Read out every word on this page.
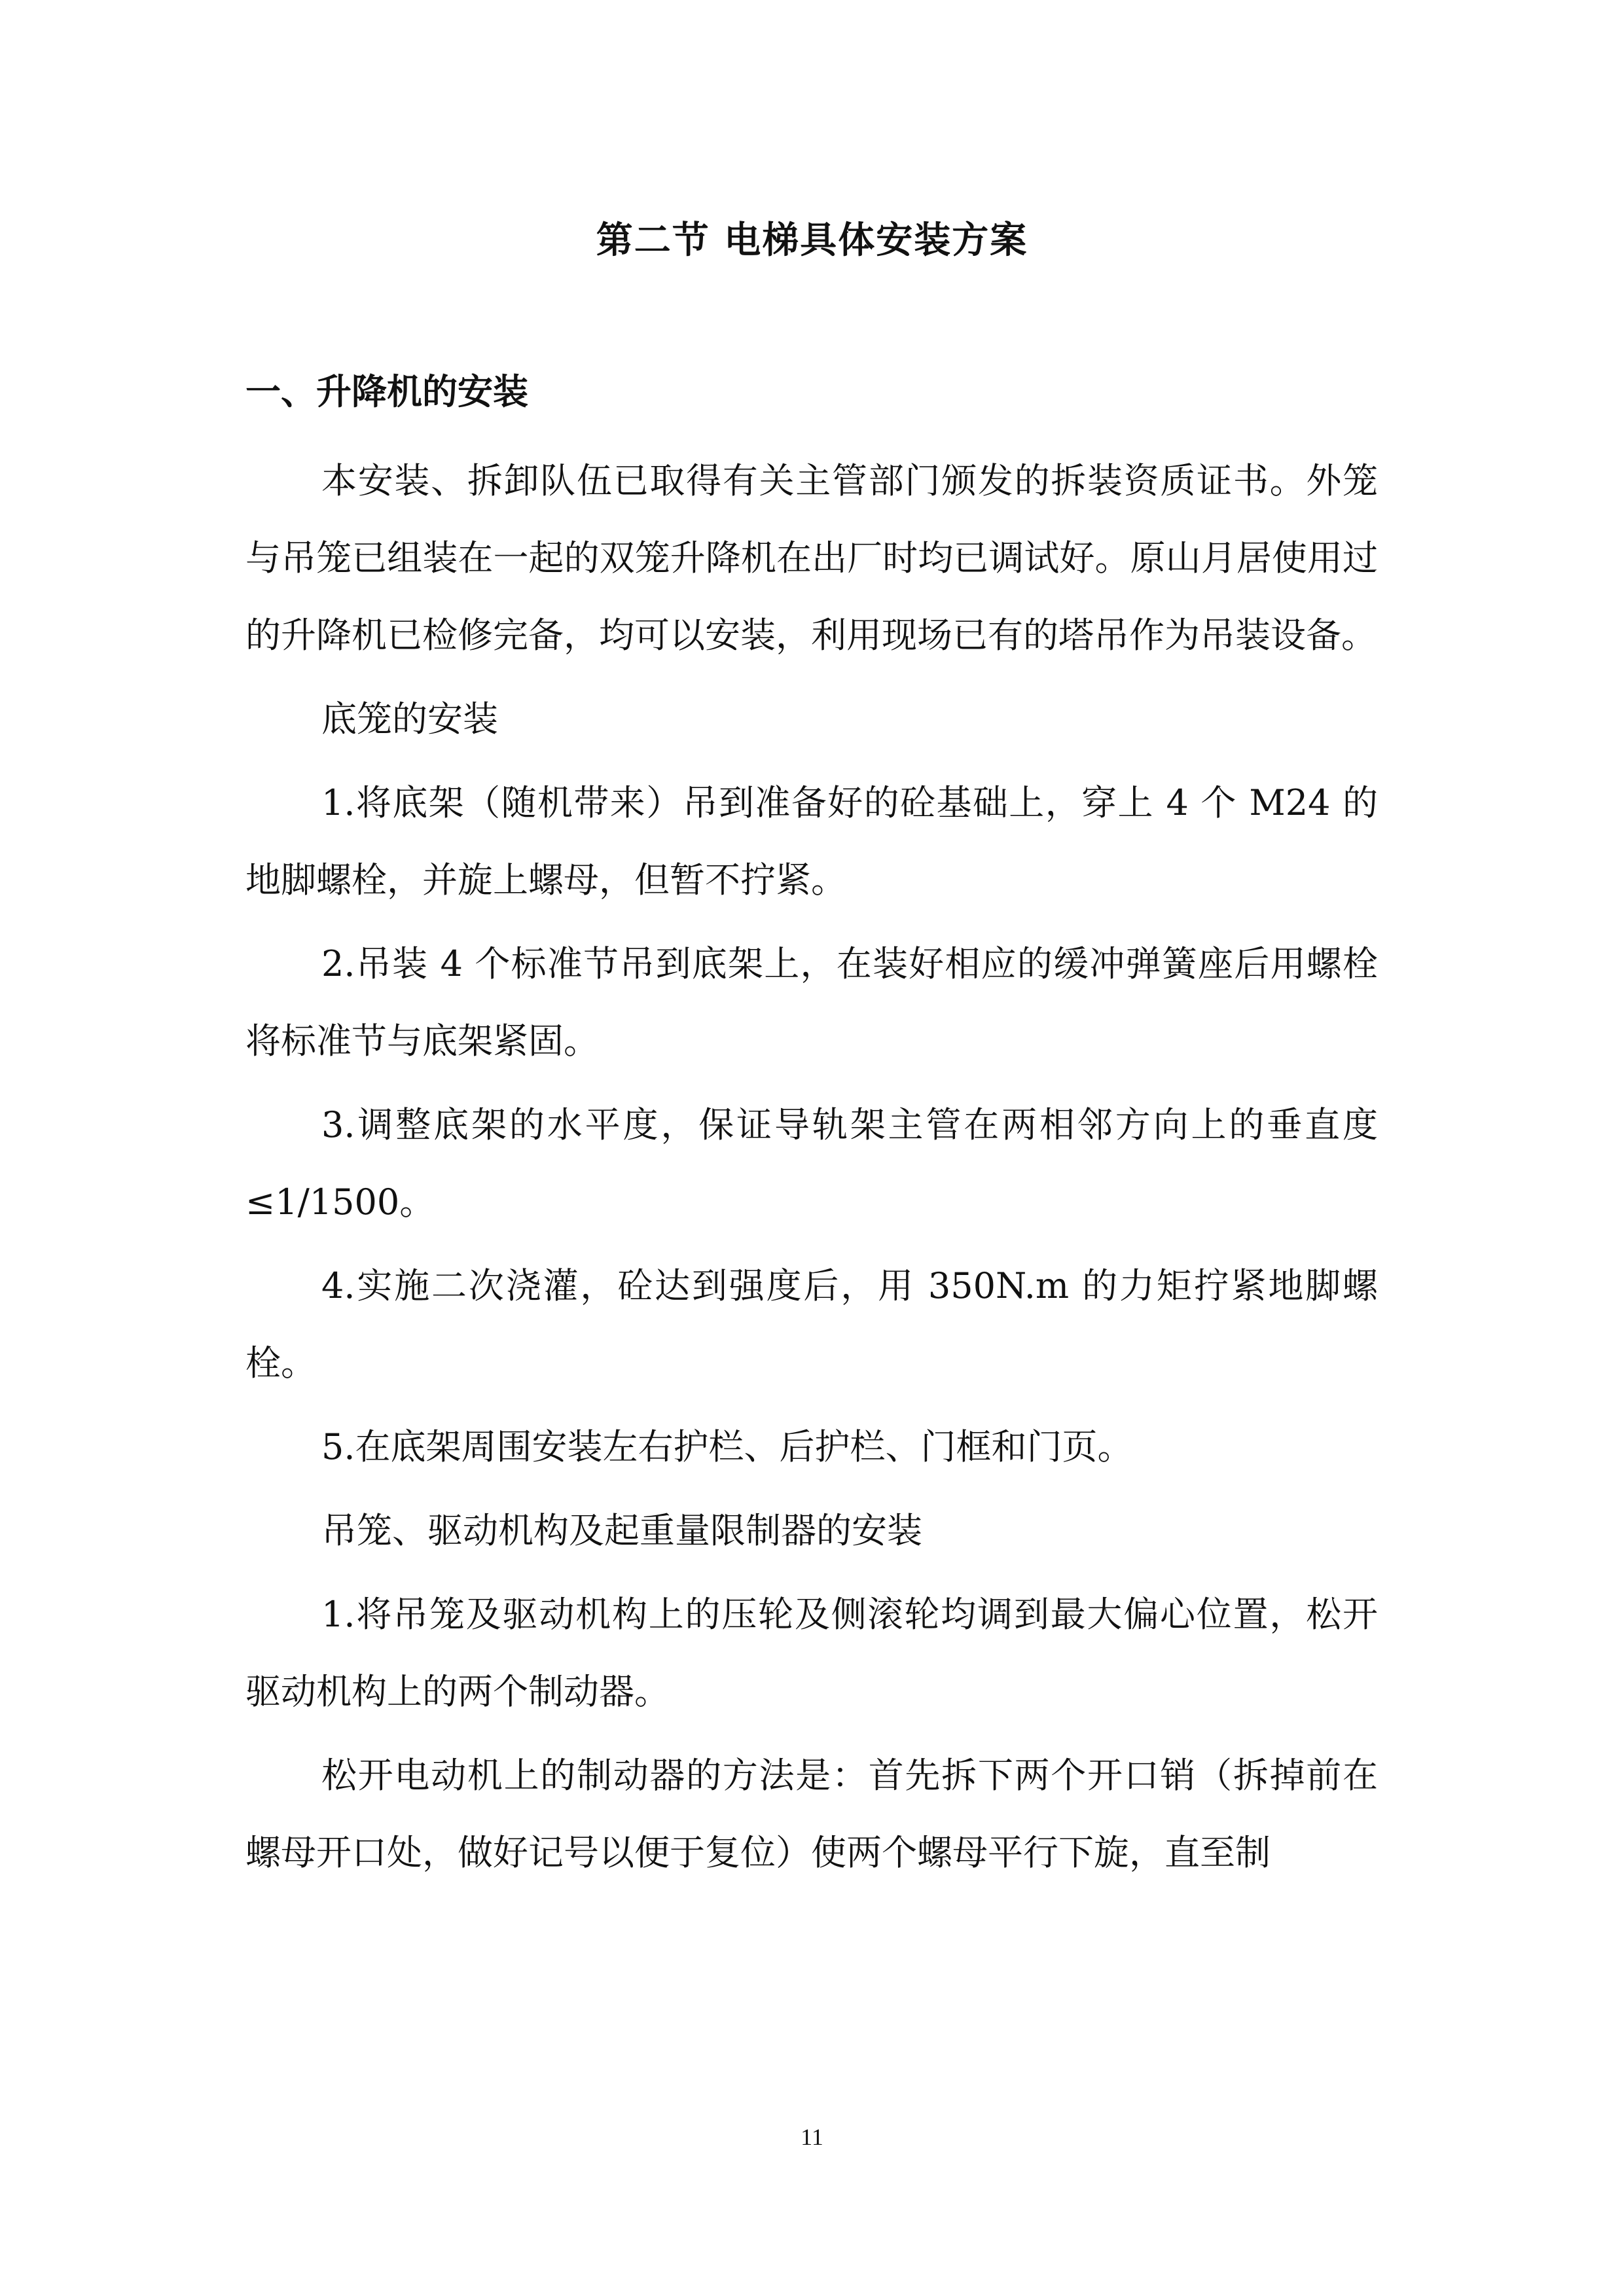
第二节 电梯具体安装方案
一、升降机的安装

本安装、拆卸队伍已取得有关主管部门颁发的拆装资质证书。外笼与吊笼已组装在一起的双笼升降机在出厂时均已调试好。原山月居使用过的升降机已检修完备，均可以安装，利用现场已有的塔吊作为吊装设备。

底笼的安装

1.将底架（随机带来）吊到准备好的砼基础上，穿上 4 个 M24 的地脚螺栓，并旋上螺母，但暂不拧紧。

2.吊装 4 个标准节吊到底架上，在装好相应的缓冲弹簧座后用螺栓将标准节与底架紧固。

3.调整底架的水平度，保证导轨架主管在两相邻方向上的垂直度≤1/1500。

4.实施二次浇灌，砼达到强度后，用 350N.m 的力矩拧紧地脚螺栓。

5.在底架周围安装左右护栏、后护栏、门框和门页。

吊笼、驱动机构及起重量限制器的安装

1.将吊笼及驱动机构上的压轮及侧滚轮均调到最大偏心位置，松开驱动机构上的两个制动器。

松开电动机上的制动器的方法是：首先拆下两个开口销（拆掉前在螺母开口处，做好记号以便于复位）使两个螺母平行下旋，直至制

11
